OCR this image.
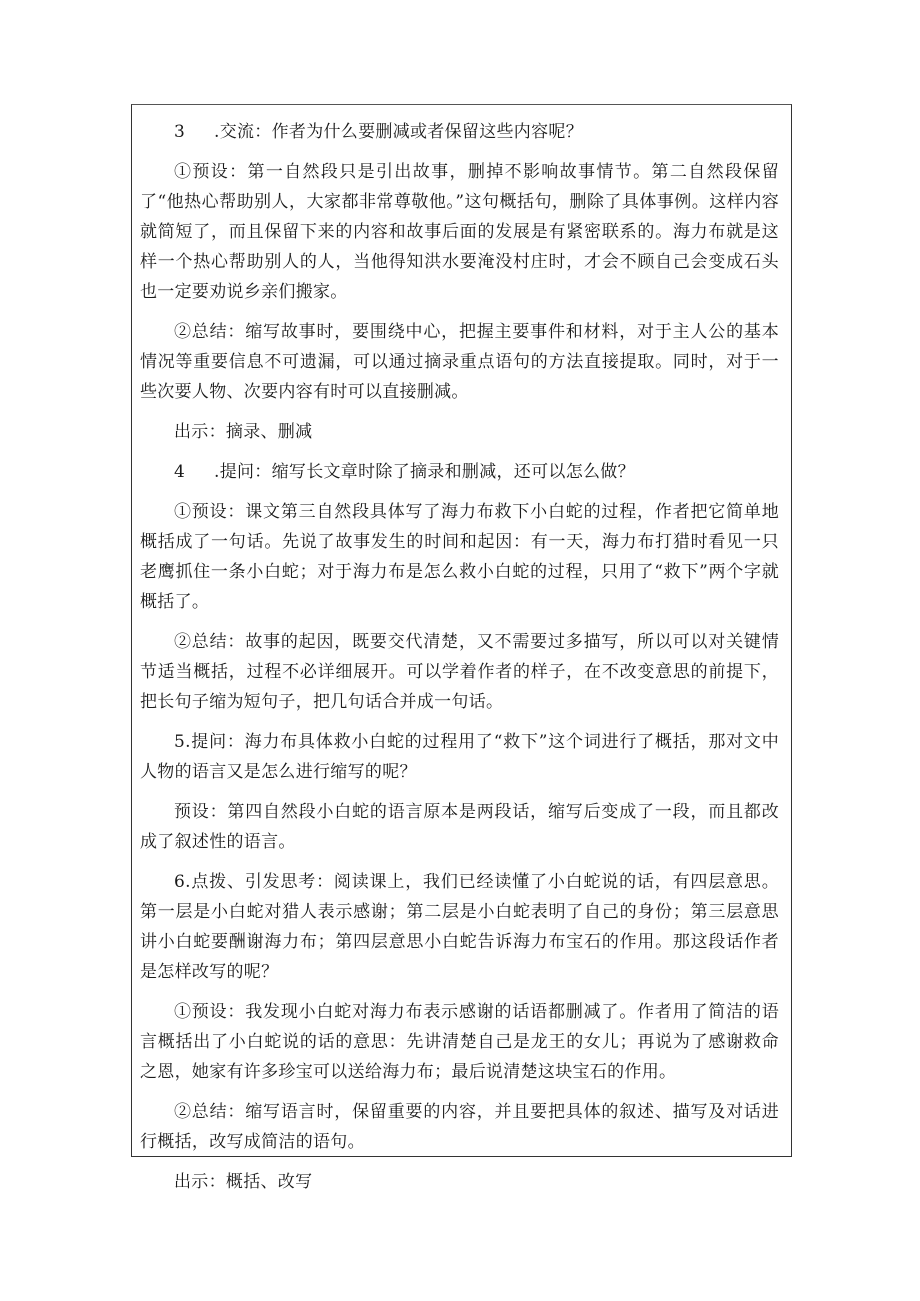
3 .交流：作者为什么要删减或者保留这些内容呢？

①预设：第一自然段只是引出故事，删掉不影响故事情节。第二自然段保留了“他热心帮助别人，大家都非常尊敬他。”这句概括句，删除了具体事例。这样内容就简短了，而且保留下来的内容和故事后面的发展是有紧密联系的。海力布就是这样一个热心帮助别人的人，当他得知洪水要淹没村庄时，才会不顾自己会变成石头也一定要劝说乡亲们搬家。

②总结：缩写故事时，要围绕中心，把握主要事件和材料，对于主人公的基本情况等重要信息不可遗漏，可以通过摘录重点语句的方法直接提取。同时，对于一些次要人物、次要内容有时可以直接删减。

出示：摘录、删减

4 .提问：缩写长文章时除了摘录和删减，还可以怎么做？

①预设：课文第三自然段具体写了海力布救下小白蛇的过程，作者把它简单地概括成了一句话。先说了故事发生的时间和起因：有一天，海力布打猎时看见一只老鹰抓住一条小白蛇；对于海力布是怎么救小白蛇的过程，只用了“救下”两个字就概括了。

②总结：故事的起因，既要交代清楚，又不需要过多描写，所以可以对关键情节适当概括，过程不必详细展开。可以学着作者的样子，在不改变意思的前提下，把长句子缩为短句子，把几句话合并成一句话。

5.提问：海力布具体救小白蛇的过程用了“救下”这个词进行了概括，那对文中人物的语言又是怎么进行缩写的呢？

预设：第四自然段小白蛇的语言原本是两段话，缩写后变成了一段，而且都改成了叙述性的语言。

6.点拨、引发思考：阅读课上，我们已经读懂了小白蛇说的话，有四层意思。第一层是小白蛇对猎人表示感谢；第二层是小白蛇表明了自己的身份；第三层意思讲小白蛇要酬谢海力布；第四层意思小白蛇告诉海力布宝石的作用。那这段话作者是怎样改写的呢？

①预设：我发现小白蛇对海力布表示感谢的话语都删减了。作者用了简洁的语言概括出了小白蛇说的话的意思：先讲清楚自己是龙王的女儿；再说为了感谢救命之恩，她家有许多珍宝可以送给海力布；最后说清楚这块宝石的作用。

②总结：缩写语言时，保留重要的内容，并且要把具体的叙述、描写及对话进行概括，改写成简洁的语句。

出示：概括、改写
